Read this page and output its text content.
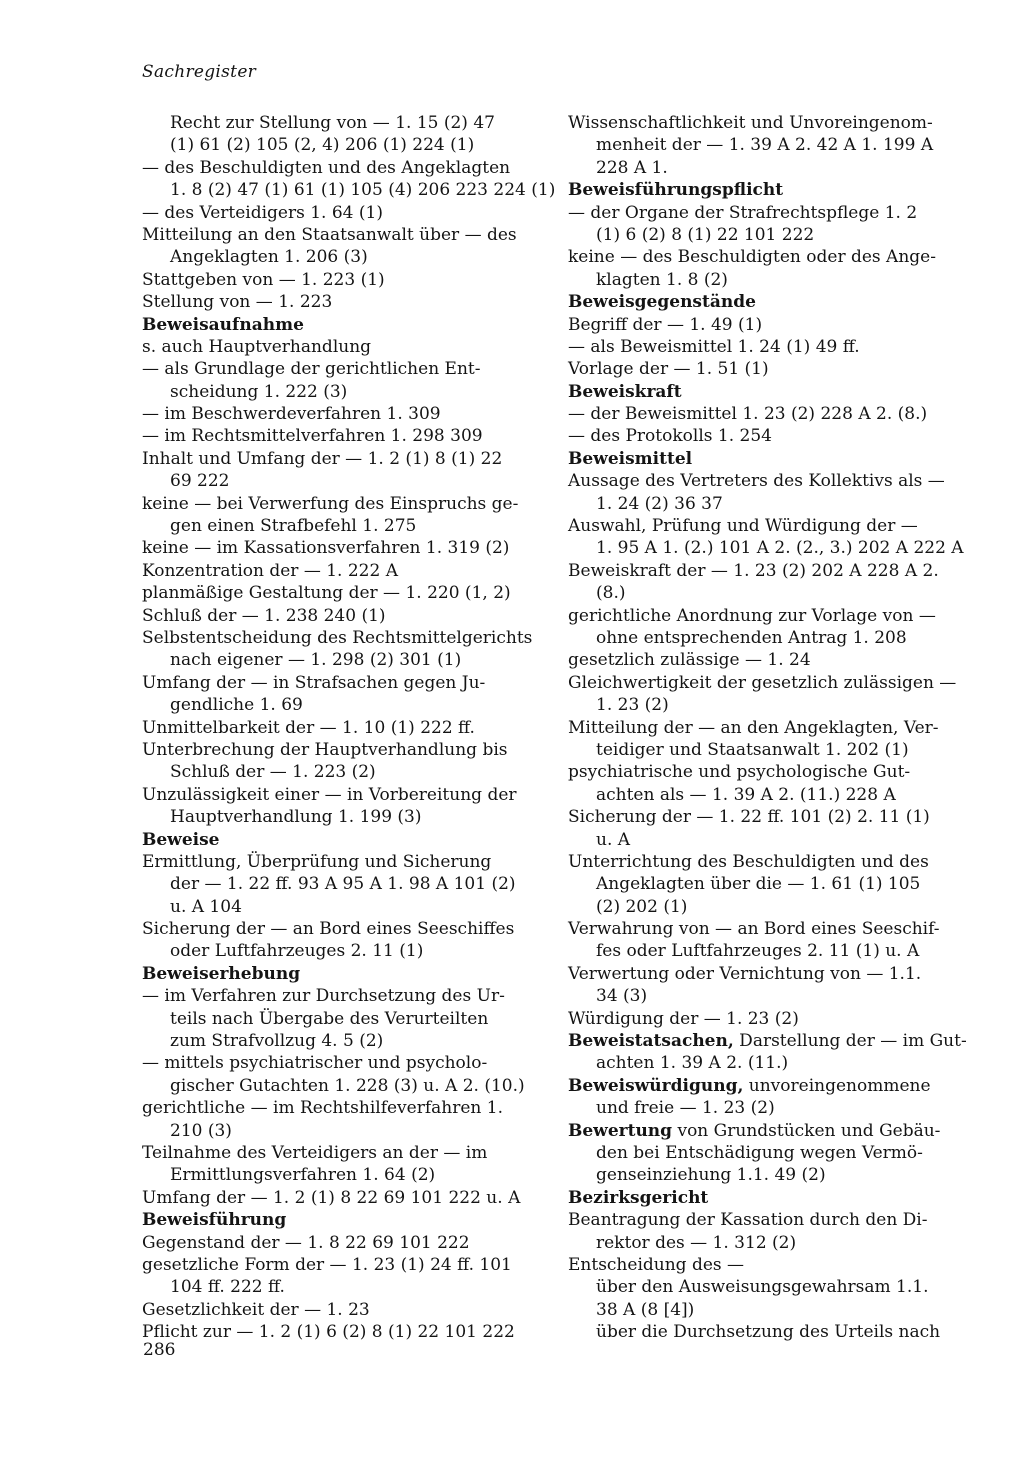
Sachregister
Recht zur Stellung von — 1. 15 (2) 47
(1) 61 (2) 105 (2, 4) 206 (1) 224 (1)
— des Beschuldigten und des Angeklagten
1. 8 (2) 47 (1) 61 (1) 105 (4) 206 223 224 (1)
— des Verteidigers 1. 64 (1)
Mitteilung an den Staatsanwalt über — des
Angeklagten 1. 206 (3)
Stattgeben von — 1. 223 (1)
Stellung von — 1. 223
Beweisaufnahme
s. auch Hauptverhandlung
— als Grundlage der gerichtlichen Ent-
scheidung 1. 222 (3)
— im Beschwerdeverfahren 1. 309
— im Rechtsmittelverfahren 1. 298 309
Inhalt und Umfang der — 1. 2 (1) 8 (1) 22
69 222
keine — bei Verwerfung des Einspruchs ge-
gen einen Strafbefehl 1. 275
keine — im Kassationsverfahren 1. 319 (2)
Konzentration der — 1. 222 A
planmäßige Gestaltung der — 1. 220 (1, 2)
Schluß der — 1. 238 240 (1)
Selbstentscheidung des Rechtsmittelgerichts
nach eigener — 1. 298 (2) 301 (1)
Umfang der — in Strafsachen gegen Ju-
gendliche 1. 69
Unmittelbarkeit der — 1. 10 (1) 222 ff.
Unterbrechung der Hauptverhandlung bis
Schluß der — 1. 223 (2)
Unzulässigkeit einer — in Vorbereitung der
Hauptverhandlung 1. 199 (3)
Beweise
Ermittlung, Überprüfung und Sicherung
der — 1. 22 ff. 93 A 95 A 1. 98 A 101 (2)
u. A 104
Sicherung der — an Bord eines Seeschiffes
oder Luftfahrzeuges 2. 11 (1)
Beweiserhebung
— im Verfahren zur Durchsetzung des Ur-
teils nach Übergabe des Verurteilten
zum Strafvollzug 4. 5 (2)
— mittels psychiatrischer und psycholo-
gischer Gutachten 1. 228 (3) u. A 2. (10.)
gerichtliche — im Rechtshilfeverfahren 1.
210 (3)
Teilnahme des Verteidigers an der — im
Ermittlungsverfahren 1. 64 (2)
Umfang der — 1. 2 (1) 8 22 69 101 222 u. A
Beweisführung
Gegenstand der — 1. 8 22 69 101 222
gesetzliche Form der — 1. 23 (1) 24 ff. 101
104 ff. 222 ff.
Gesetzlichkeit der — 1. 23
Pflicht zur — 1. 2 (1) 6 (2) 8 (1) 22 101 222
Wissenschaftlichkeit und Unvoreingenom-
menheit der — 1. 39 A 2. 42 A 1. 199 A
228 A 1.
Beweisführungspflicht
— der Organe der Strafrechtspflege 1. 2
(1) 6 (2) 8 (1) 22 101 222
keine — des Beschuldigten oder des Ange-
klagten 1. 8 (2)
Beweisgegenstände
Begriff der — 1. 49 (1)
— als Beweismittel 1. 24 (1) 49 ff.
Vorlage der — 1. 51 (1)
Beweiskraft
— der Beweismittel 1. 23 (2) 228 A 2. (8.)
— des Protokolls 1. 254
Beweismittel
Aussage des Vertreters des Kollektivs als —
1. 24 (2) 36 37
Auswahl, Prüfung und Würdigung der —
1. 95 A 1. (2.) 101 A 2. (2., 3.) 202 A 222 A
Beweiskraft der — 1. 23 (2) 202 A 228 A 2.
(8.)
gerichtliche Anordnung zur Vorlage von —
ohne entsprechenden Antrag 1. 208
gesetzlich zulässige — 1. 24
Gleichwertigkeit der gesetzlich zulässigen —
1. 23 (2)
Mitteilung der — an den Angeklagten, Ver-
teidiger und Staatsanwalt 1. 202 (1)
psychiatrische und psychologische Gut-
achten als — 1. 39 A 2. (11.) 228 A
Sicherung der — 1. 22 ff. 101 (2) 2. 11 (1)
u. A
Unterrichtung des Beschuldigten und des
Angeklagten über die — 1. 61 (1) 105
(2) 202 (1)
Verwahrung von — an Bord eines Seeschif-
fes oder Luftfahrzeuges 2. 11 (1) u. A
Verwertung oder Vernichtung von — 1.1.
34 (3)
Würdigung der — 1. 23 (2)
Beweistatsachen, Darstellung der — im Gut-
achten 1. 39 A 2. (11.)
Beweiswürdigung, unvoreingenommene
und freie — 1. 23 (2)
Bewertung von Grundstücken und Gebäu-
den bei Entschädigung wegen Vermö-
genseinziehung 1.1. 49 (2)
Bezirksgericht
Beantragung der Kassation durch den Di-
rektor des — 1. 312 (2)
Entscheidung des —
über den Ausweisungsgewahrsam 1.1.
38 A (8 [4])
über die Durchsetzung des Urteils nach
286
